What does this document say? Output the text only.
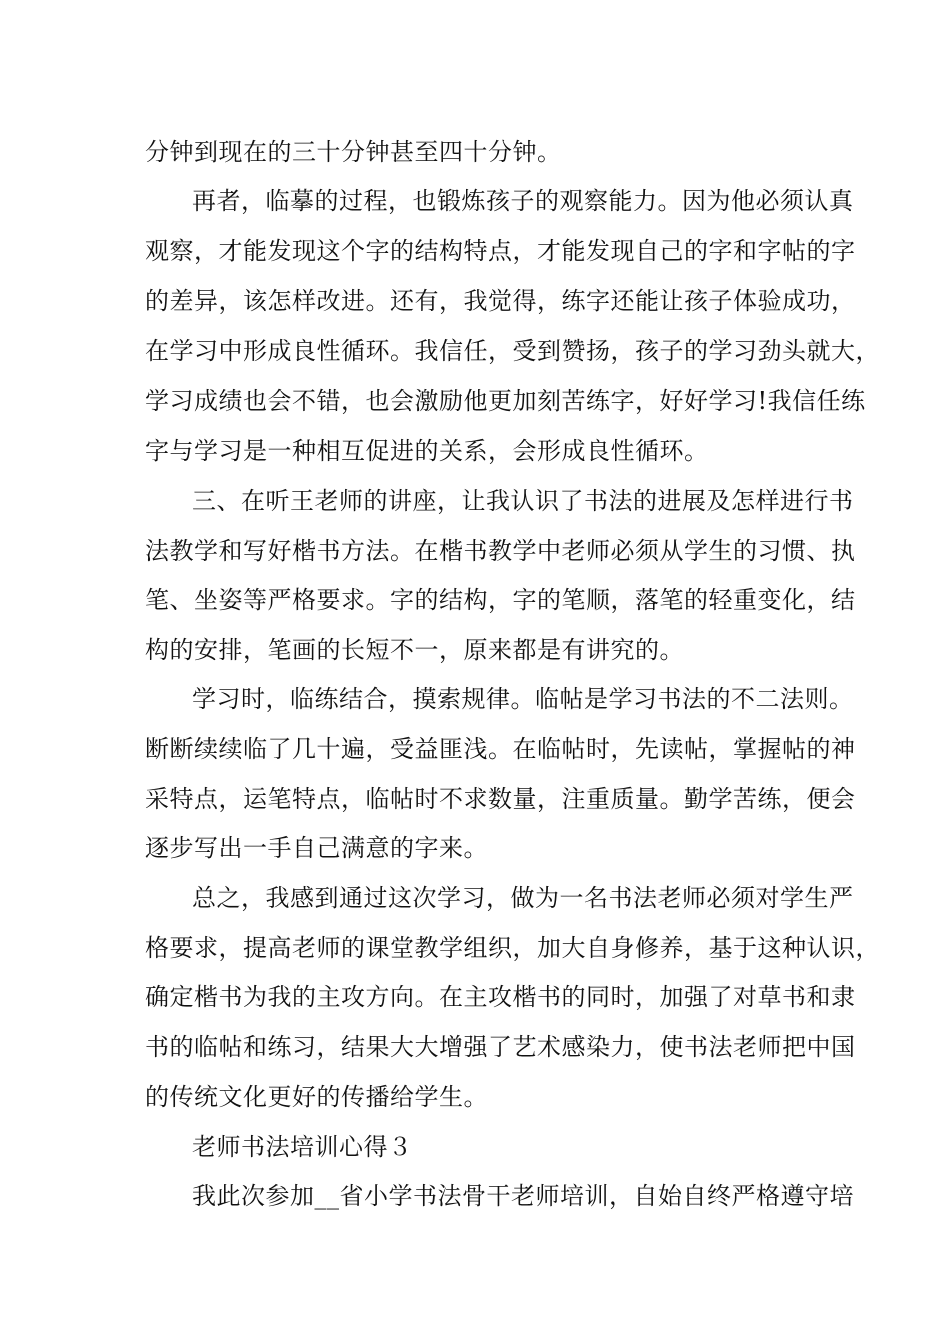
分钟到现在的三十分钟甚至四十分钟。
再者，临摹的过程，也锻炼孩子的观察能力。因为他必须认真
观察，才能发现这个字的结构特点，才能发现自己的字和字帖的字
的差异，该怎样改进。还有，我觉得，练字还能让孩子体验成功，
在学习中形成良性循环。我信任，受到赞扬，孩子的学习劲头就大，
学习成绩也会不错，也会激励他更加刻苦练字，好好学习!我信任练
字与学习是一种相互促进的关系，会形成良性循环。
三、在听王老师的讲座，让我认识了书法的进展及怎样进行书
法教学和写好楷书方法。在楷书教学中老师必须从学生的习惯、执
笔、坐姿等严格要求。字的结构，字的笔顺，落笔的轻重变化，结
构的安排，笔画的长短不一，原来都是有讲究的。
学习时，临练结合，摸索规律。临帖是学习书法的不二法则。
断断续续临了几十遍，受益匪浅。在临帖时，先读帖，掌握帖的神
采特点，运笔特点，临帖时不求数量，注重质量。勤学苦练，便会
逐步写出一手自己满意的字来。
总之，我感到通过这次学习，做为一名书法老师必须对学生严
格要求，提高老师的课堂教学组织，加大自身修养，基于这种认识，
确定楷书为我的主攻方向。在主攻楷书的同时，加强了对草书和隶
书的临帖和练习，结果大大增强了艺术感染力，使书法老师把中国
的传统文化更好的传播给学生。
老师书法培训心得３
我此次参加__省小学书法骨干老师培训，自始自终严格遵守培
